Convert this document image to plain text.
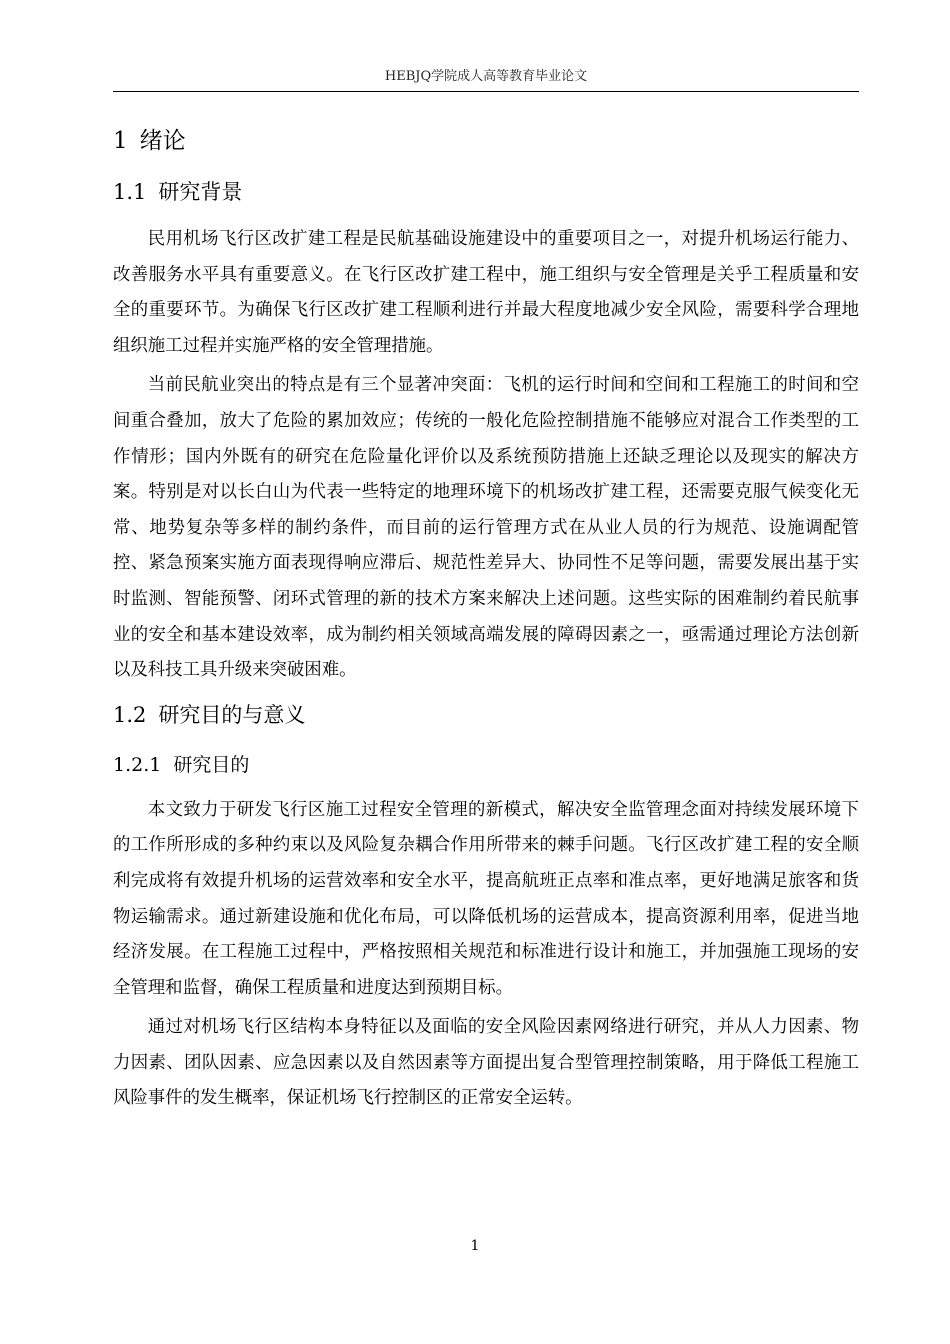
HEBJQ学院成人高等教育毕业论文
1 绪论
1.1 研究背景

民用机场飞行区改扩建工程是民航基础设施建设中的重要项目之一，对提升机场运行能力、改善服务水平具有重要意义。在飞行区改扩建工程中，施工组织与安全管理是关乎工程质量和安全的重要环节。为确保飞行区改扩建工程顺利进行并最大程度地减少安全风险，需要科学合理地组织施工过程并实施严格的安全管理措施。

当前民航业突出的特点是有三个显著冲突面：飞机的运行时间和空间和工程施工的时间和空间重合叠加，放大了危险的累加效应；传统的一般化危险控制措施不能够应对混合工作类型的工作情形；国内外既有的研究在危险量化评价以及系统预防措施上还缺乏理论以及现实的解决方案。特别是对以长白山为代表一些特定的地理环境下的机场改扩建工程，还需要克服气候变化无常、地势复杂等多样的制约条件，而目前的运行管理方式在从业人员的行为规范、设施调配管控、紧急预案实施方面表现得响应滞后、规范性差异大、协同性不足等问题，需要发展出基于实时监测、智能预警、闭环式管理的新的技术方案来解决上述问题。这些实际的困难制约着民航事业的安全和基本建设效率，成为制约相关领域高端发展的障碍因素之一，亟需通过理论方法创新以及科技工具升级来突破困难。

1.2 研究目的与意义
1.2.1 研究目的

本文致力于研发飞行区施工过程安全管理的新模式，解决安全监管理念面对持续发展环境下的工作所形成的多种约束以及风险复杂耦合作用所带来的棘手问题。飞行区改扩建工程的安全顺利完成将有效提升机场的运营效率和安全水平，提高航班正点率和准点率，更好地满足旅客和货物运输需求。通过新建设施和优化布局，可以降低机场的运营成本，提高资源利用率，促进当地经济发展。在工程施工过程中，严格按照相关规范和标准进行设计和施工，并加强施工现场的安全管理和监督，确保工程质量和进度达到预期目标。

通过对机场飞行区结构本身特征以及面临的安全风险因素网络进行研究，并从人力因素、物力因素、团队因素、应急因素以及自然因素等方面提出复合型管理控制策略，用于降低工程施工风险事件的发生概率，保证机场飞行控制区的正常安全运转。

1
